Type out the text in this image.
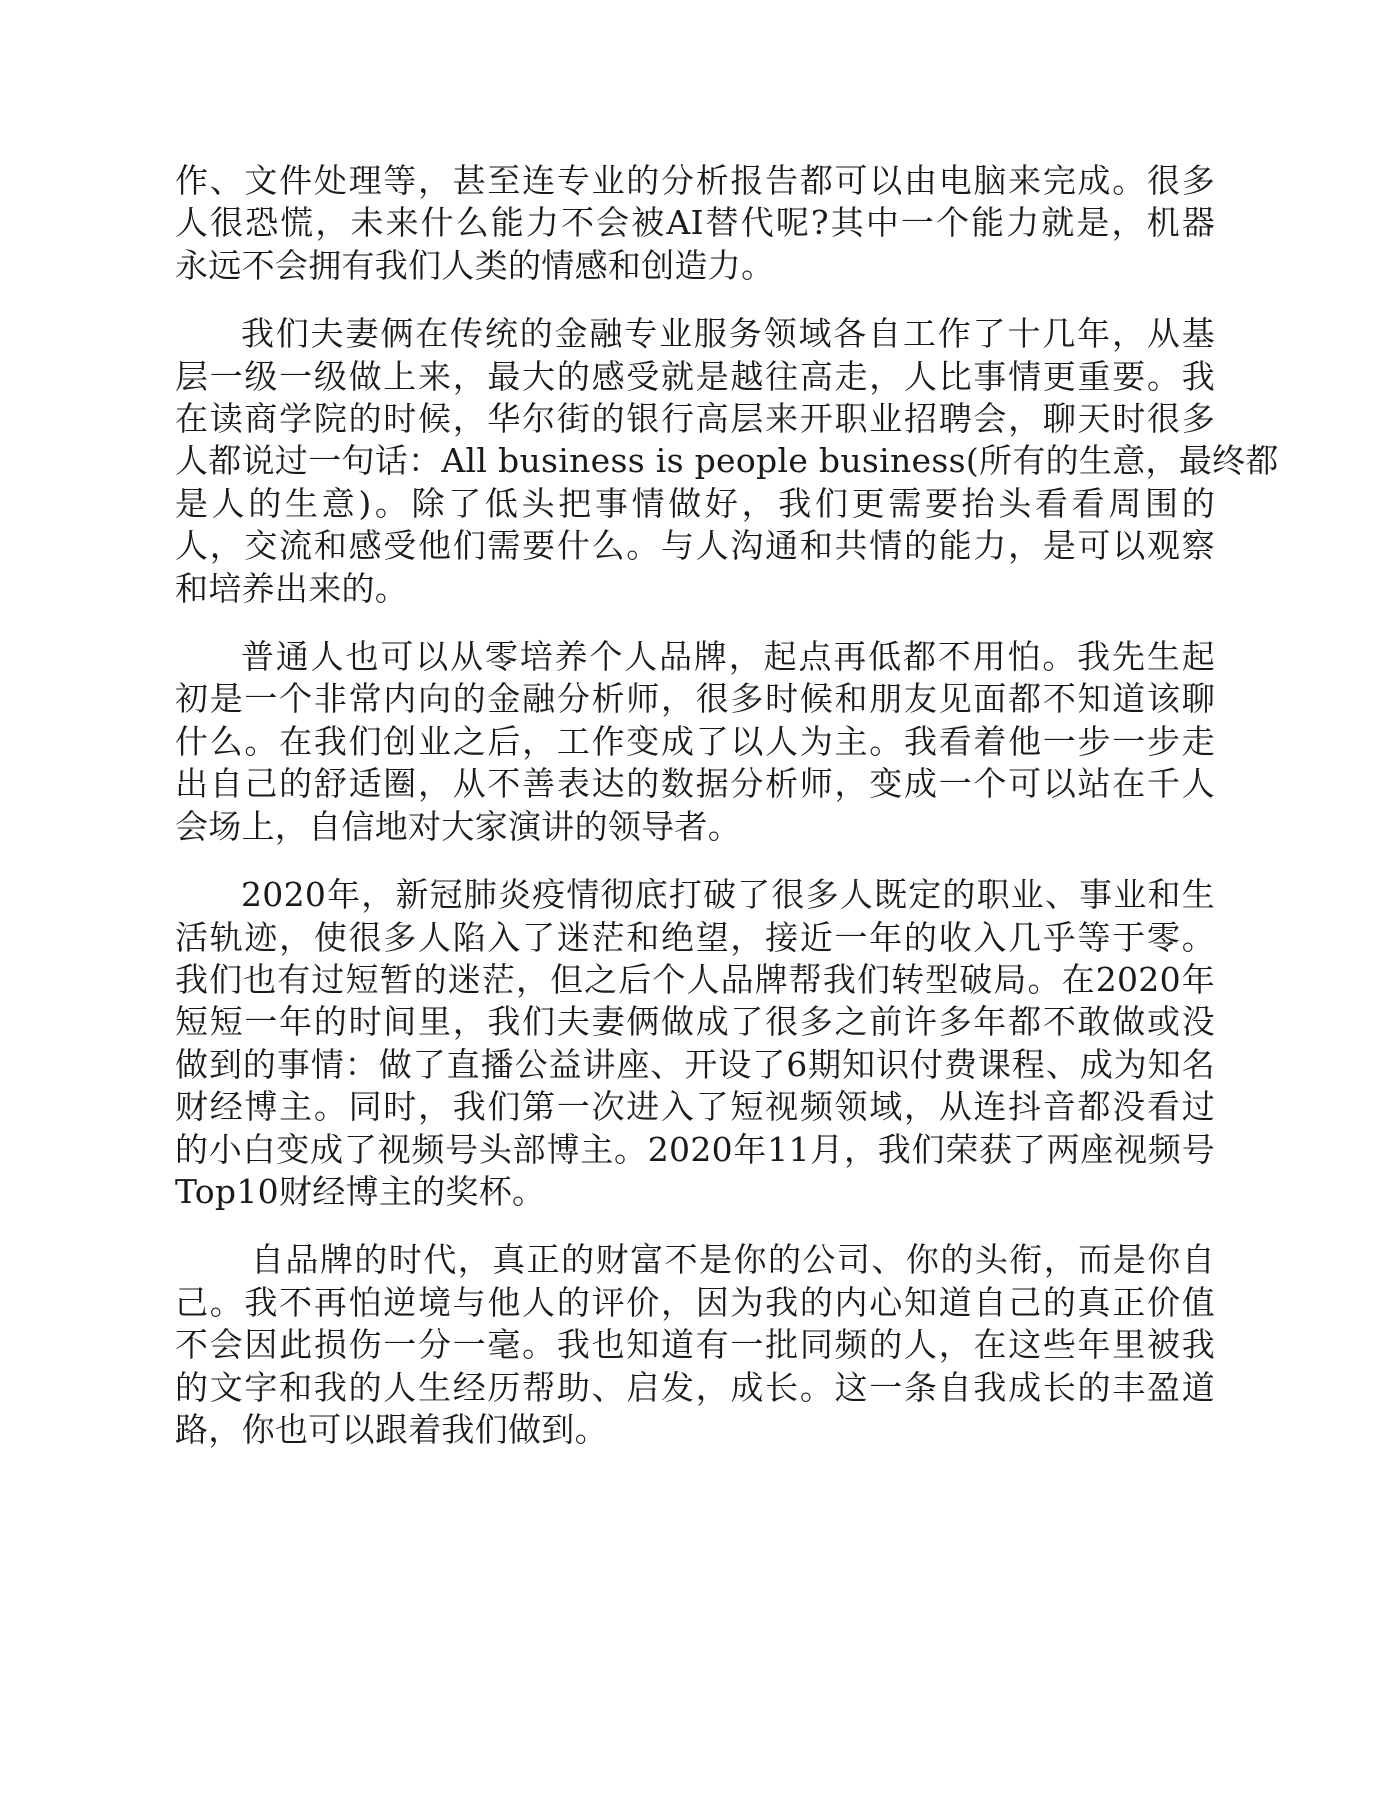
作、文件处理等，甚至连专业的分析报告都可以由电脑来完成。很多
人很恐慌，未来什么能力不会被AI替代呢?其中一个能力就是，机器
永远不会拥有我们人类的情感和创造力。

我们夫妻俩在传统的金融专业服务领域各自工作了十几年，从基
层一级一级做上来，最大的感受就是越往高走，人比事情更重要。我
在读商学院的时候，华尔街的银行高层来开职业招聘会，聊天时很多
人都说过一句话：All business is people business(所有的生意，最终都
是人的生意)。除了低头把事情做好，我们更需要抬头看看周围的
人，交流和感受他们需要什么。与人沟通和共情的能力，是可以观察
和培养出来的。

普通人也可以从零培养个人品牌，起点再低都不用怕。我先生起
初是一个非常内向的金融分析师，很多时候和朋友见面都不知道该聊
什么。在我们创业之后，工作变成了以人为主。我看着他一步一步走
出自己的舒适圈，从不善表达的数据分析师，变成一个可以站在千人
会场上，自信地对大家演讲的领导者。

2020年，新冠肺炎疫情彻底打破了很多人既定的职业、事业和生
活轨迹，使很多人陷入了迷茫和绝望，接近一年的收入几乎等于零。
我们也有过短暂的迷茫，但之后个人品牌帮我们转型破局。在2020年
短短一年的时间里，我们夫妻俩做成了很多之前许多年都不敢做或没
做到的事情：做了直播公益讲座、开设了6期知识付费课程、成为知名
财经博主。同时，我们第一次进入了短视频领域，从连抖音都没看过
的小白变成了视频号头部博主。2020年11月，我们荣获了两座视频号
Top10财经博主的奖杯。

自品牌的时代，真正的财富不是你的公司、你的头衔，而是你自
己。我不再怕逆境与他人的评价，因为我的内心知道自己的真正价值
不会因此损伤一分一毫。我也知道有一批同频的人，在这些年里被我
的文字和我的人生经历帮助、启发，成长。这一条自我成长的丰盈道
路，你也可以跟着我们做到。
